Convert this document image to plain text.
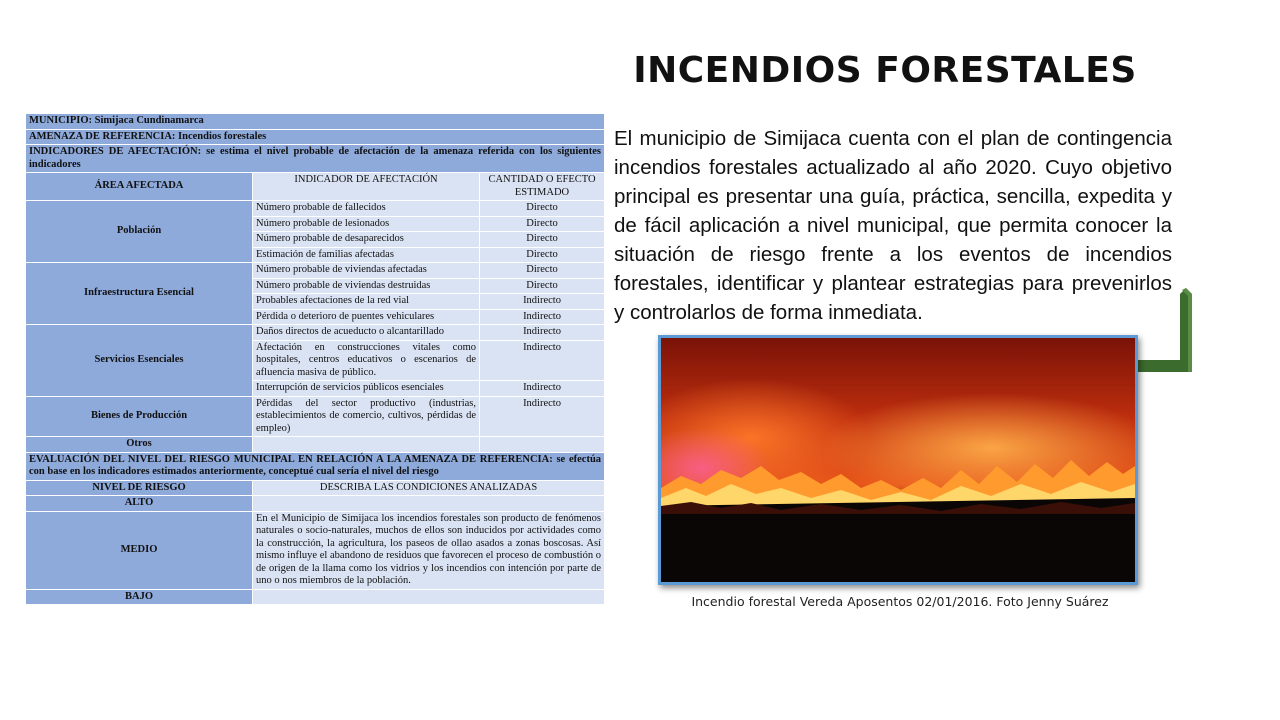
INCENDIOS FORESTALES

El municipio de Simijaca cuenta con el plan de contingencia incendios forestales actualizado al año 2020. Cuyo objetivo principal es presentar una guía, práctica, sencilla, expedita y de fácil aplicación a nivel municipal, que permita conocer la situación de riesgo frente a los eventos de incendios forestales, identificar y plantear estrategias para prevenirlos y controlarlos de forma inmediata.

Incendio forestal Vereda Aposentos 02/01/2016. Foto Jenny Suárez
MUNICIPIO: Simijaca Cundinamarca		
AMENAZA DE REFERENCIA: Incendios forestales		
INDICADORES DE AFECTACIÓN: se estima el nivel probable de afectación de la amenaza referida con los siguientes indicadores		
ÁREA AFECTADA	INDICADOR DE AFECTACIÓN	CANTIDAD O EFECTO ESTIMADO
Población	Número probable de fallecidos	Directo
	Número probable de lesionados	Directo
	Número probable de desaparecidos	Directo
	Estimación de familias afectadas	Directo
Infraestructura Esencial	Número probable de viviendas afectadas	Directo
	Número probable de viviendas destruidas	Directo
	Probables afectaciones de la red vial	Indirecto
	Pérdida o deterioro de puentes vehiculares	Indirecto
Servicios Esenciales	Daños directos de acueducto o alcantarillado	Indirecto
	Afectación en construcciones vitales como hospitales, centros educativos o escenarios de afluencia masiva de público.	Indirecto
	Interrupción de servicios públicos esenciales	Indirecto
Bienes de Producción	Pérdidas del sector productivo (industrias, establecimientos de comercio, cultivos, pérdidas de empleo)	Indirecto
Otros		
EVALUACIÓN DEL NIVEL DEL RIESGO MUNICIPAL EN RELACIÓN A LA AMENAZA DE REFERENCIA: se efectúa con base en los indicadores estimados anteriormente, conceptué cual sería el nivel del riesgo		
NIVEL DE RIESGO	DESCRIBA LAS CONDICIONES ANALIZADAS	
ALTO		
MEDIO	En el Municipio de Simijaca los incendios forestales son producto de fenómenos naturales o socio-naturales, muchos de ellos son inducidos por actividades como la construcción, la agricultura, los paseos de ollao asados a zonas boscosas. Así mismo influye el abandono de residuos que favorecen el proceso de combustión o de origen de la llama como los vidrios y los incendios con intención por parte de uno o nos miembros de la población.	
BAJO		
